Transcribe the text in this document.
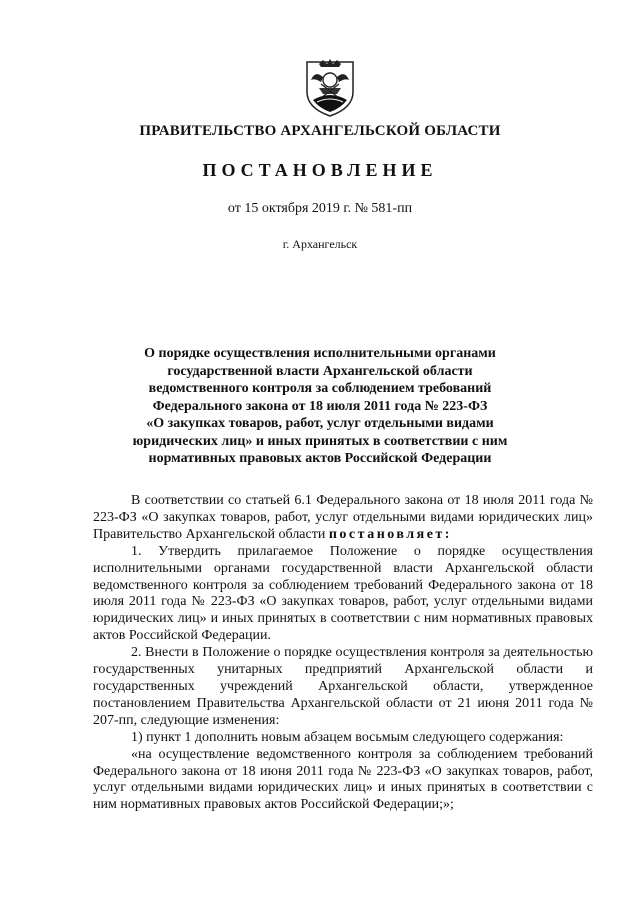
ПРАВИТЕЛЬСТВО АРХАНГЕЛЬСКОЙ ОБЛАСТИ
ПОСТАНОВЛЕНИЕ
от 15 октября 2019 г. № 581-пп
г. Архангельск
О порядке осуществления исполнительными органами
государственной власти Архангельской области
ведомственного контроля за соблюдением требований
Федерального закона от 18 июля 2011 года № 223-ФЗ
«О закупках товаров, работ, услуг отдельными видами
юридических лиц» и иных принятых в соответствии с ним
нормативных правовых актов Российской Федерации

В соответствии со статьей 6.1 Федерального закона от 18 июля 2011 года № 223-ФЗ «О закупках товаров, работ, услуг отдельными видами юридических лиц» Правительство Архангельской области постановляет:

1. Утвердить прилагаемое Положение о порядке осуществления исполнительными органами государственной власти Архангельской области ведомственного контроля за соблюдением требований Федерального закона от 18 июля 2011 года № 223-ФЗ «О закупках товаров, работ, услуг отдельными видами юридических лиц» и иных принятых в соответствии с ним нормативных правовых актов Российской Федерации.

2. Внести в Положение о порядке осуществления контроля за деятельностью государственных унитарных предприятий Архангельской области и государственных учреждений Архангельской области, утвержденное постановлением Правительства Архангельской области от 21 июня 2011 года № 207-пп, следующие изменения:

1) пункт 1 дополнить новым абзацем восьмым следующего содержания:

«на осуществление ведомственного контроля за соблюдением требований Федерального закона от 18 июня 2011 года № 223-ФЗ «О закупках товаров, работ, услуг отдельными видами юридических лиц» и иных принятых в соответствии с ним нормативных правовых актов Российской Федерации;»;
